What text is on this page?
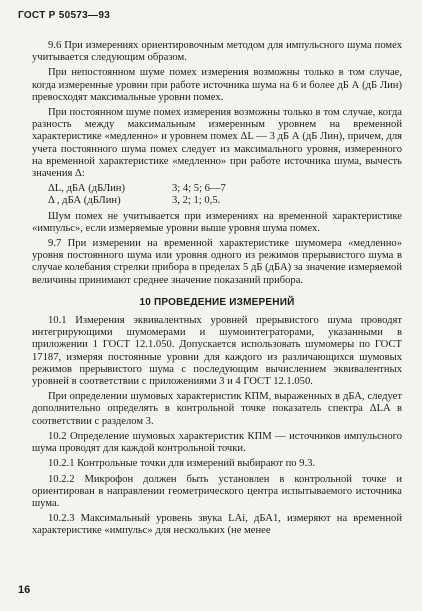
ГОСТ Р 50573—93

9.6 При измерениях ориентировочным методом для импульсного шума помех учитывается следующим образом.

При непостоянном шуме помех измерения возможны только в том случае, когда измеренные уровни при работе источника шума на 6 и более дБ А (дБ Лин) превосходят максимальные уровни помех.

При постоянном шуме помех измерения возможны только в том случае, когда разность между максимальным измеренным уровнем на временной характеристике «медленно» и уровнем помех ΔL — 3 дБ А (дБ Лин), причем, для учета постоянного шума помех следует из максимального уровня, измеренного на временной характеристике «медленно» при работе источника шума, вычесть значения Δ:

ΔL, дБА (дБЛин)	3; 4; 5; 6—7
Δ , дБА (дБЛин)	3, 2; 1; 0,5.

Шум помех не учитывается при измерениях на временной характеристике «импульс», если измеряемые уровни выше уровня шума помех.

9.7 При измерении на временной характеристике шумомера «медленно» уровня постоянного шума или уровня одного из режимов прерывистого шума в случае колебания стрелки прибора в пределах 5 дБ (дБА) за значение измеряемой величины принимают среднее значение показаний прибора.

10 ПРОВЕДЕНИЕ ИЗМЕРЕНИЙ

10.1 Измерения эквивалентных уровней прерывистого шума проводят интегрирующими шумомерами и шумоинтеграторами, указанными в приложении 1 ГОСТ 12.1.050. Допускается использовать шумомеры по ГОСТ 17187, измеряя постоянные уровни для каждого из различающихся шумовых режимов прерывистого шума с последующим вычислением эквивалентных уровней в соответствии с приложениями 3 и 4 ГОСТ 12.1.050.

При определении шумовых характеристик КПМ, выраженных в дБА, следует дополнительно определять в контрольной точке показатель спектра ΔLA в соответствии с разделом 3.

10.2 Определение шумовых характеристик КПМ — источников импульсного шума проводят для каждой контрольной точки.

10.2.1 Контрольные точки для измерений выбирают по 9.3.

10.2.2 Микрофон должен быть установлен в контрольной точке и ориентирован в направлении геометрического центра испытываемого источника шума.

10.2.3 Максимальный уровень звука LAi, дБА1, измеряют на временной характеристике «импульс» для нескольких (не менее

16
